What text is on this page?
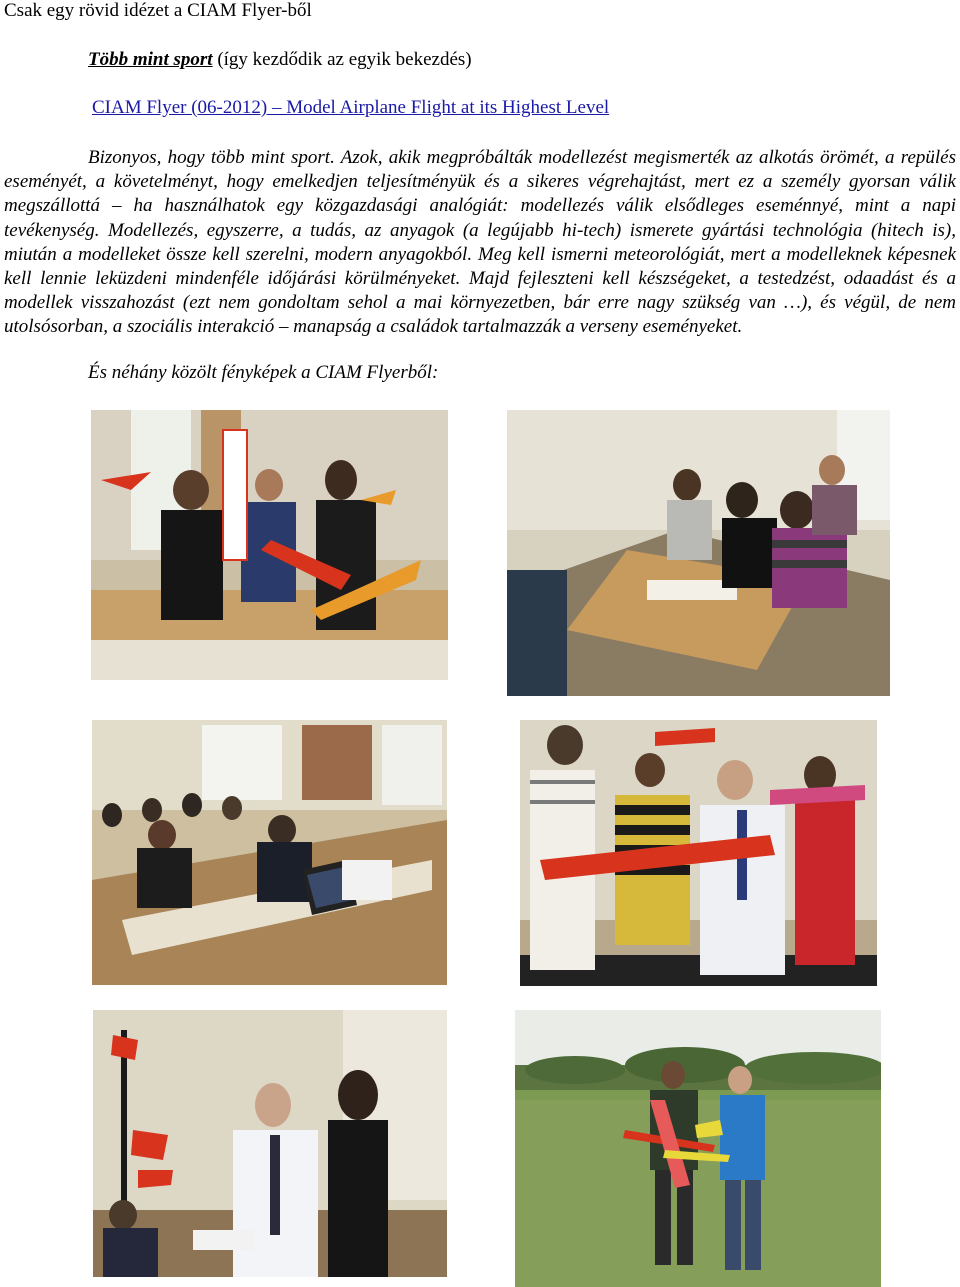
Csak egy rövid idézet a CIAM Flyer-ből
Több mint sport (így kezdődik az egyik bekezdés)
CIAM Flyer (06-2012) – Model Airplane Flight at its Highest Level

Bizonyos, hogy több mint sport. Azok, akik megpróbálták modellezést megismerték az alkotás örömét, a repülés eseményét, a követelményt, hogy emelkedjen teljesítményük és a sikeres végrehajtást, mert ez a személy gyorsan válik megszállottá – ha használhatok egy közgazdasági analógiát: modellezés válik elsődleges eseménnyé, mint a napi tevékenység. Modellezés, egyszerre, a tudás, az anyagok (a legújabb hi-tech) ismerete gyártási technológia (hitech is), miután a modelleket össze kell szerelni, modern anyagokból. Meg kell ismerni meteorológiát, mert a modelleknek képesnek kell lennie leküzdeni mindenféle időjárási körülményeket. Majd fejleszteni kell készségeket, a testedzést, odaadást és a modellek visszahozást (ezt nem gondoltam sehol a mai környezetben, bár erre nagy szükség van …), és végül, de nem utolsósorban, a szociális interakció – manapság a családok tartalmazzák a verseny eseményeket.

És néhány közölt fényképek a CIAM Flyerből:
